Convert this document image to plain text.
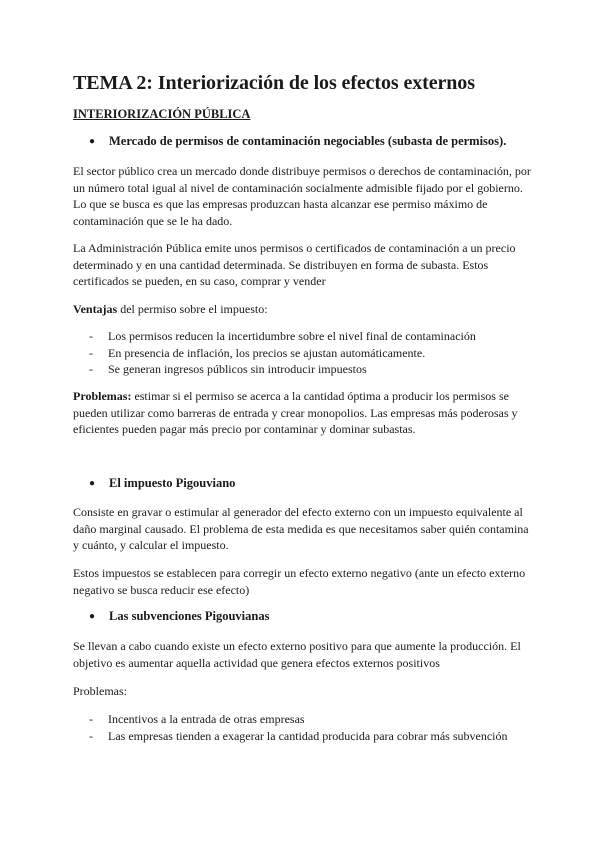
TEMA 2: Interiorización de los efectos externos
INTERIORIZACIÓN PÚBLICA
● Mercado de permisos de contaminación negociables (subasta de permisos).

El sector público crea un mercado donde distribuye permisos o derechos de contaminación, por un número total igual al nivel de contaminación socialmente admisible fijado por el gobierno. Lo que se busca es que las empresas produzcan hasta alcanzar ese permiso máximo de contaminación que se le ha dado.

La Administración Pública emite unos permisos o certificados de contaminación a un precio determinado y en una cantidad determinada. Se distribuyen en forma de subasta. Estos certificados se pueden, en su caso, comprar y vender

Ventajas del permiso sobre el impuesto:

- Los permisos reducen la incertidumbre sobre el nivel final de contaminación
- En presencia de inflación, los precios se ajustan automáticamente.
- Se generan ingresos públicos sin introducir impuestos

Problemas: estimar si el permiso se acerca a la cantidad óptima a producir los permisos se pueden utilizar como barreras de entrada y crear monopolios. Las empresas más poderosas y eficientes pueden pagar más precio por contaminar y dominar subastas.

● El impuesto Pigouviano

Consiste en gravar o estimular al generador del efecto externo con un impuesto equivalente al daño marginal causado. El problema de esta medida es que necesitamos saber quién contamina y cuánto, y calcular el impuesto.

Estos impuestos se establecen para corregir un efecto externo negativo (ante un efecto externo negativo se busca reducir ese efecto)

● Las subvenciones Pigouvianas

Se llevan a cabo cuando existe un efecto externo positivo para que aumente la producción. El objetivo es aumentar aquella actividad que genera efectos externos positivos

Problemas:

- Incentivos a la entrada de otras empresas
- Las empresas tienden a exagerar la cantidad producida para cobrar más subvención
